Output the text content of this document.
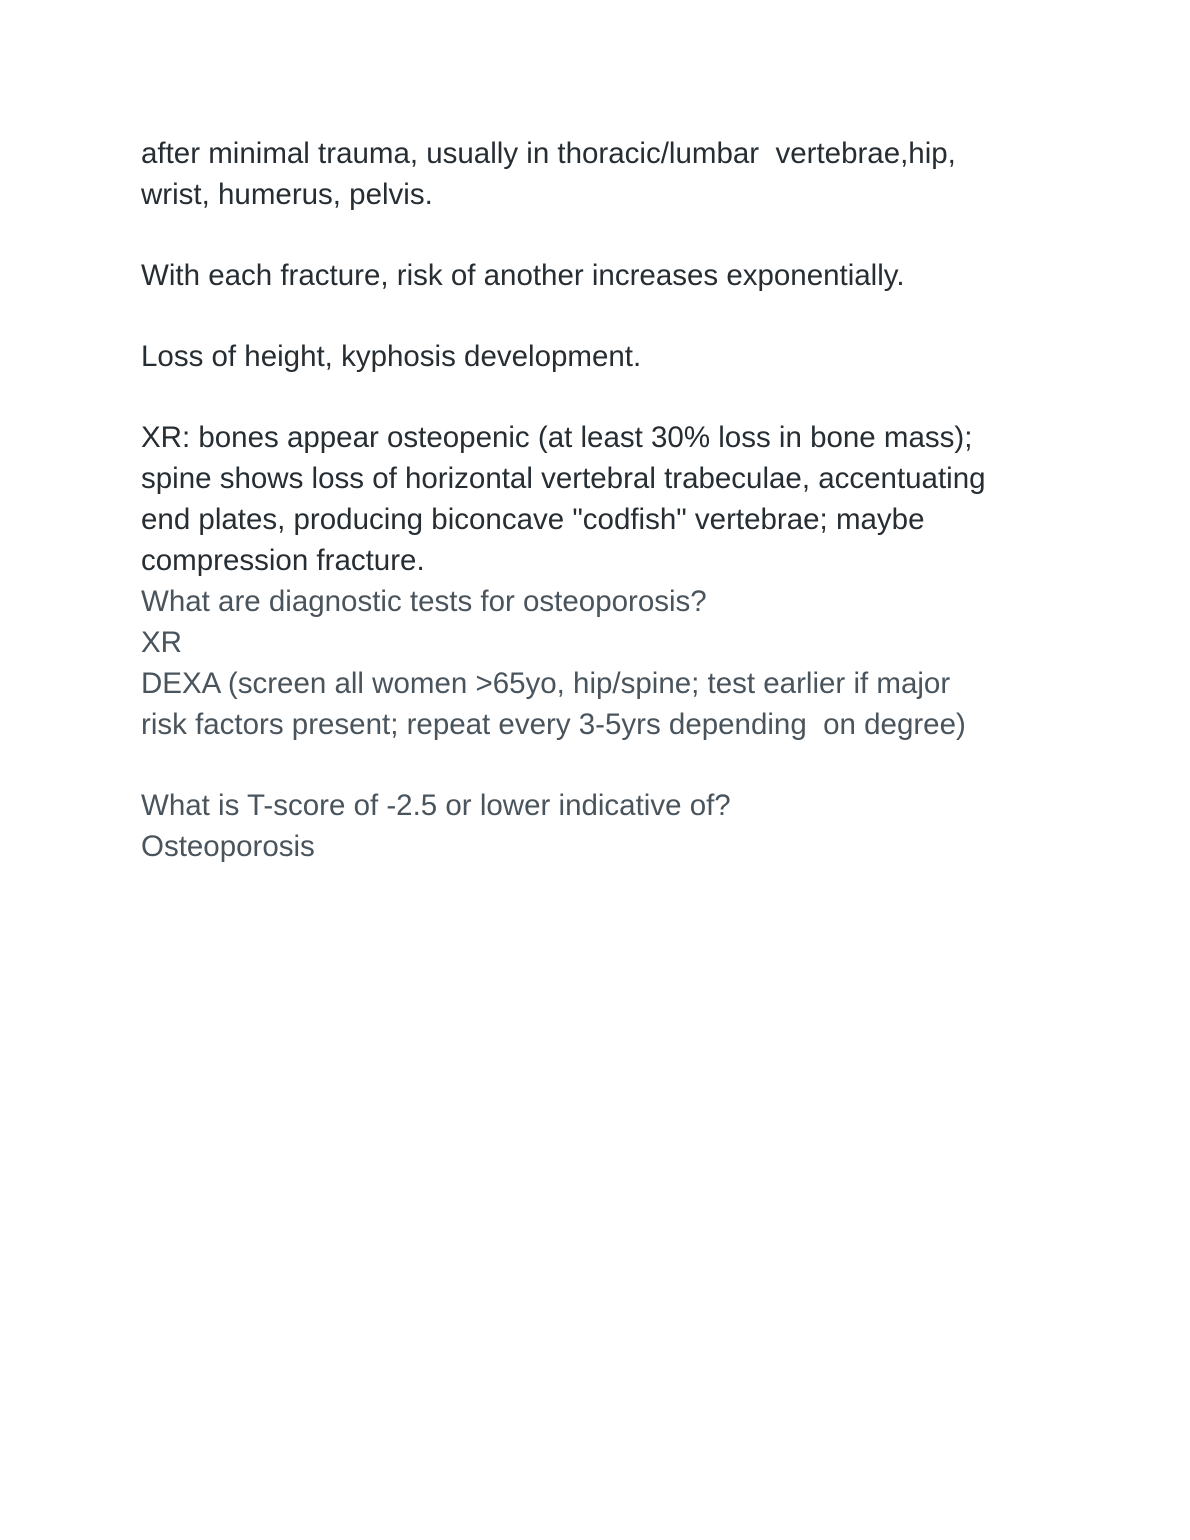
after minimal trauma, usually in thoracic/lumbar  vertebrae,hip,
wrist, humerus, pelvis.
With each fracture, risk of another increases exponentially.
Loss of height, kyphosis development.
XR: bones appear osteopenic (at least 30% loss in bone mass);
spine shows loss of horizontal vertebral trabeculae, accentuating
end plates, producing biconcave "codfish" vertebrae; maybe
compression fracture.
What are diagnostic tests for osteoporosis?
XR
DEXA (screen all women >65yo, hip/spine; test earlier if major
risk factors present; repeat every 3-5yrs depending  on degree)
What is T-score of -2.5 or lower indicative of?
Osteoporosis
